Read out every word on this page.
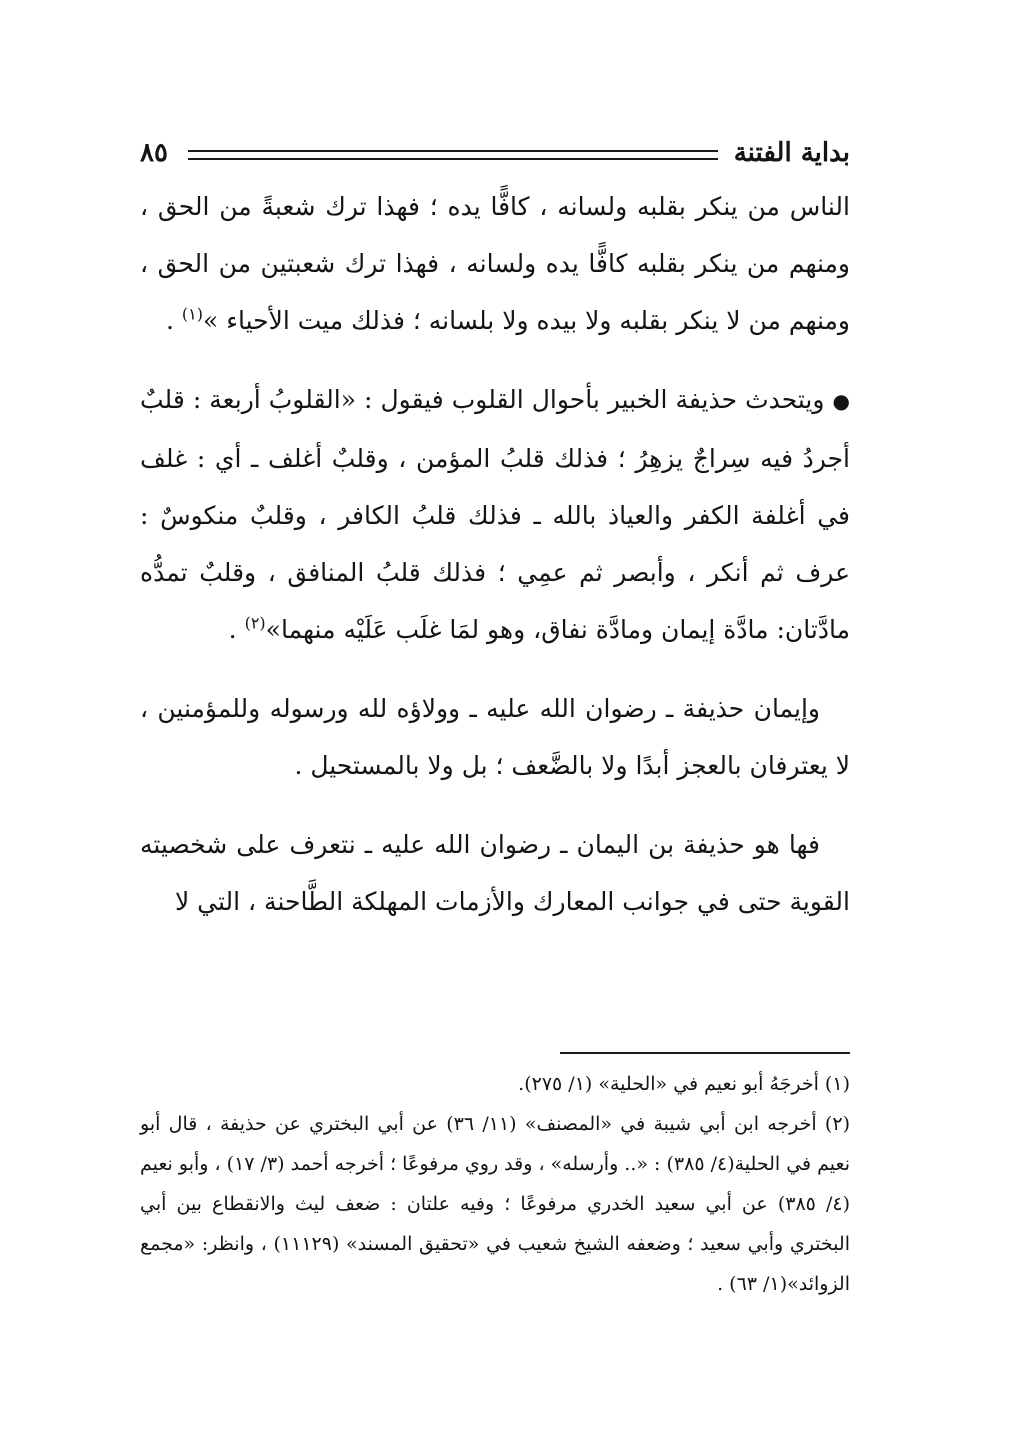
بداية الفتنة
٨٥

الناس من ينكر بقلبه ولسانه ، كافًّا يده ؛ فهذا ترك شعبةً من الحق ، ومنهم من ينكر بقلبه كافًّا يده ولسانه ، فهذا ترك شعبتين من الحق ، ومنهم من لا ينكر بقلبه ولا بيده ولا بلسانه ؛ فذلك ميت الأحياء »$^{(١)}$ .

●ويتحدث حذيفة الخبير بأحوال القلوب فيقول : «القلوبُ أربعة : قلبٌ أجردُ فيه سِراجٌ يزهِرُ ؛ فذلك قلبُ المؤمن ، وقلبٌ أغلف ـ أي : غلف في أغلفة الكفر والعياذ بالله ـ فذلك قلبُ الكافر ، وقلبٌ منكوسٌ : عرف ثم أنكر ، وأبصر ثم عمِي ؛ فذلك قلبُ المنافق ، وقلبٌ تمدُّه مادَّتان: مادَّة إيمان ومادَّة نفاق، وهو لمَا غلَب عَلَيْه منهما»$^{(٢)}$ .

وإيمان حذيفة ـ رضوان الله عليه ـ وولاؤه لله ورسوله وللمؤمنين ، لا يعترفان بالعجز أبدًا ولا بالضَّعف ؛ بل ولا بالمستحيل .

فها هو حذيفة بن اليمان ـ رضوان الله عليه ـ نتعرف على شخصيته القوية حتى في جوانب المعارك والأزمات المهلكة الطَّاحنة ، التي لا

(١) أخرجَهُ أبو نعيم في «الحلية» (١/ ٢٧٥).

(٢) أخرجه ابن أبي شيبة في «المصنف» (١١/ ٣٦) عن أبي البختري عن حذيفة ، قال أبو نعيم في الحلية(٤/ ٣٨٥) : «.. وأرسله» ، وقد روي مرفوعًا ؛ أخرجه أحمد (٣/ ١٧) ، وأبو نعيم (٤/ ٣٨٥) عن أبي سعيد الخدري مرفوعًا ؛ وفيه علتان : ضعف ليث والانقطاع بين أبي البختري وأبي سعيد ؛ وضعفه الشيخ شعيب في «تحقيق المسند» (١١١٢٩) ، وانظر: «مجمع الزوائد»(١/ ٦٣) .
